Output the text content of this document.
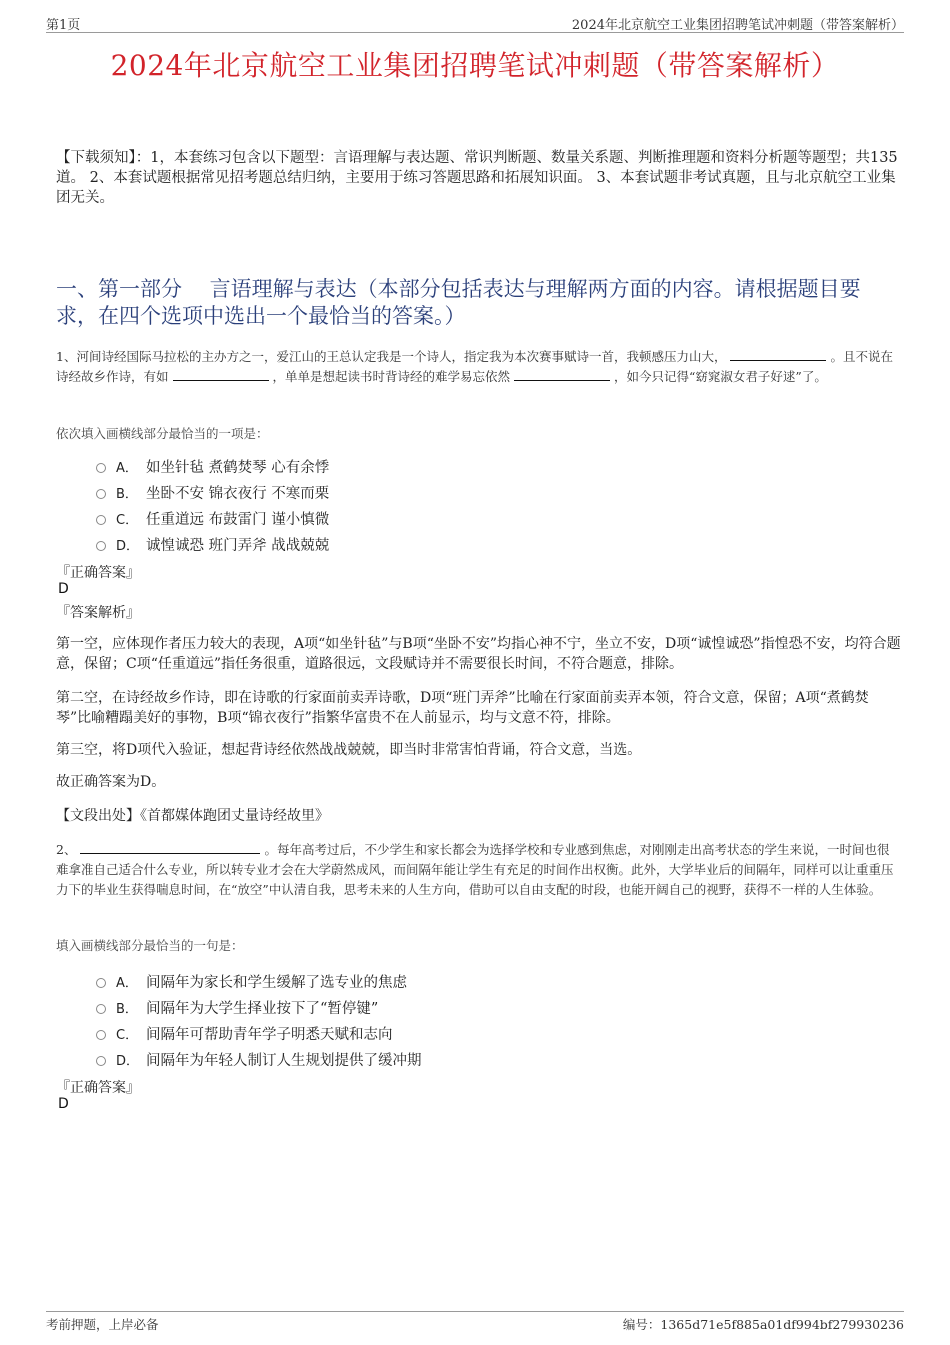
第1页	2024年北京航空工业集团招聘笔试冲刺题（带答案解析）
2024年北京航空工业集团招聘笔试冲刺题（带答案解析）
【下载须知】：1，本套练习包含以下题型：言语理解与表达题、常识判断题、数量关系题、判断推理题和资料分析题等题型；共135道。 2、本套试题根据常见招考题总结归纳，主要用于练习答题思路和拓展知识面。 3、本套试题非考试真题，且与北京航空工业集团无关。
一、第一部分　 言语理解与表达（本部分包括表达与理解两方面的内容。请根据题目要求，在四个选项中选出一个最恰当的答案。）
1、河间诗经国际马拉松的主办方之一，爱江山的王总认定我是一个诗人，指定我为本次赛事赋诗一首，我顿感压力山大，	。且不说在诗经故乡作诗，有如	，单单是想起读书时背诗经的难学易忘依然	，如今只记得“窈窕淑女君子好逑”了。
依次填入画横线部分最恰当的一项是：
A． 如坐针毡 煮鹤焚琴 心有余悸
B． 坐卧不安 锦衣夜行 不寒而栗
C． 任重道远 布鼓雷门 谨小慎微
D． 诚惶诚恐 班门弄斧 战战兢兢
『正确答案』
D
『答案解析』
第一空，应体现作者压力较大的表现，A项“如坐针毡”与B项“坐卧不安”均指心神不宁，坐立不安，D项“诚惶诚恐”指惶恐不安，均符合题意，保留；C项“任重道远”指任务很重，道路很远，文段赋诗并不需要很长时间，不符合题意，排除。
第二空，在诗经故乡作诗，即在诗歌的行家面前卖弄诗歌，D项“班门弄斧”比喻在行家面前卖弄本领，符合文意，保留；A项“煮鹤焚琴”比喻糟蹋美好的事物，B项“锦衣夜行”指繁华富贵不在人前显示，均与文意不符，排除。
第三空，将D项代入验证，想起背诗经依然战战兢兢，即当时非常害怕背诵，符合文意，当选。
故正确答案为D。
【文段出处】《首都媒体跑团丈量诗经故里》
2、	。每年高考过后，不少学生和家长都会为选择学校和专业感到焦虑，对刚刚走出高考状态的学生来说，一时间也很难拿准自己适合什么专业，所以转专业才会在大学蔚然成风，而间隔年能让学生有充足的时间作出权衡。此外，大学毕业后的间隔年，同样可以让重重压力下的毕业生获得喘息时间，在“放空”中认清自我，思考未来的人生方向，借助可以自由支配的时段，也能开阔自己的视野，获得不一样的人生体验。
填入画横线部分最恰当的一句是：
A． 间隔年为家长和学生缓解了选专业的焦虑
B． 间隔年为大学生择业按下了“暂停键”
C． 间隔年可帮助青年学子明悉天赋和志向
D． 间隔年为年轻人制订人生规划提供了缓冲期
『正确答案』
D
考前押题，上岸必备	编号：1365d71e5f885a01df994bf279930236
